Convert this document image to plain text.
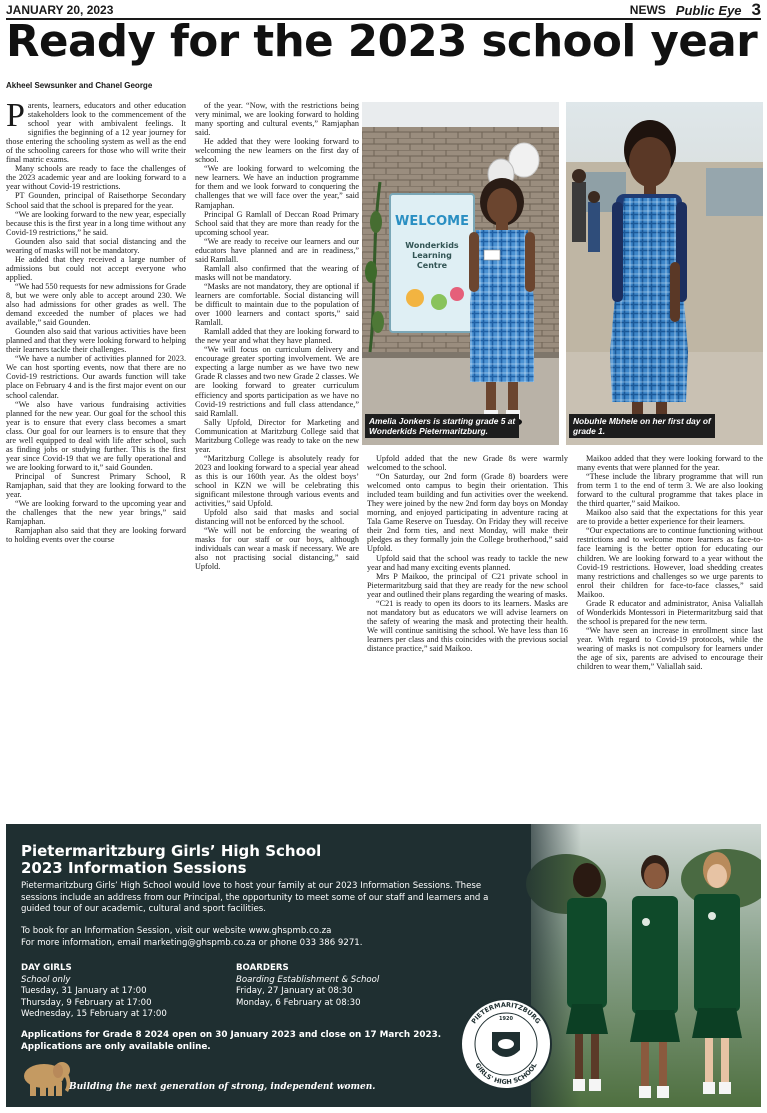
JANUARY 20, 2023	NEWS Public Eye 3
Ready for the 2023 school year
Akheel Sewsunker and Chanel George

Parents, learners, educators and other education stakeholders look to the commencement of the school year with ambivalent feelings. It signifies the beginning of a 12 year journey for those entering the schooling system as well as the end of the schooling careers for those who will write their final matric exams.

Many schools are ready to face the challenges of the 2023 academic year and are looking forward to a year without Covid-19 restrictions.

PT Gounden, principal of Raisethorpe Secondary School said that the school is prepared for the year.

“We are looking forward to the new year, especially because this is the first year in a long time without any Covid-19 restrictions,” he said.

Gounden also said that social distancing and the wearing of masks will not be mandatory.

He added that they received a large number of admissions but could not accept everyone who applied.

“We had 550 requests for new admissions for Grade 8, but we were only able to accept around 230. We also had admissions for other grades as well. The demand exceeded the number of places we had available,” said Gounden.

Gounden also said that various activities have been planned and that they were looking forward to helping their learners tackle their challenges.

“We have a number of activities planned for 2023. We can host sporting events, now that there are no Covid-19 restrictions. Our awards function will take place on February 4 and is the first major event on our school calendar.

“We also have various fundraising activities planned for the new year. Our goal for the school this year is to ensure that every class becomes a smart class. Our goal for our learners is to ensure that they are well equipped to deal with life after school, such as finding jobs or studying further. This is the first year since Covid-19 that we are fully operational and we are looking forward to it,” said Gounden.

Principal of Suncrest Primary School, R Ramjaphan, said that they are looking forward to the year.

“We are looking forward to the upcoming year and the challenges that the new year brings,” said Ramjaphan.

Ramjaphan also said that they are looking forward to holding events over the course

of the year. “Now, with the restrictions being very minimal, we are looking forward to holding many sporting and cultural events,” Ramjaphan said.

He added that they were looking forward to welcoming the new learners on the first day of school.

“We are looking forward to welcoming the new learners. We have an induction programme for them and we look forward to conquering the challenges that we will face over the year,” said Ramjaphan.

Principal G Ramlall of Deccan Road Primary School said that they are more than ready for the upcoming school year.

“We are ready to receive our learners and our educators have planned and are in readiness,” said Ramlall.

Ramlall also confirmed that the wearing of masks will not be mandatory.

“Masks are not mandatory, they are optional if learners are comfortable. Social distancing will be difficult to maintain due to the population of over 1000 learners and contact sports,” said Ramlall.

Ramlall added that they are looking forward to the new year and what they have planned.

“We will focus on curriculum delivery and encourage greater sporting involvement. We are expecting a large number as we have two new Grade R classes and two new Grade 2 classes. We are looking forward to greater curriculum efficiency and sports participation as we have no Covid-19 restrictions and full class attendance,” said Ramlall.

Sally Upfold, Director for Marketing and Communication at Maritzburg College said that Maritzburg College was ready to take on the new year.

“Maritzburg College is absolutely ready for 2023 and looking forward to a special year ahead as this is our 160th year. As the oldest boys’ school in KZN we will be celebrating this significant milestone through various events and activities,” said Upfold.

Upfold also said that masks and social distancing will not be enforced by the school.

“We will not be enforcing the wearing of masks for our staff or our boys, although individuals can wear a mask if necessary. We are also not practising social distancing,” said Upfold.

Upfold added that the new Grade 8s were warmly welcomed to the school.

“On Saturday, our 2nd form (Grade 8) boarders were welcomed onto campus to begin their orientation. This included team building and fun activities over the weekend. They were joined by the new 2nd form day boys on Monday morning, and enjoyed participating in adventure racing at Tala Game Reserve on Tuesday. On Friday they will receive their 2nd form ties, and next Monday, will make their pledges as they formally join the College brotherhood,” said Upfold.

Upfold said that the school was ready to tackle the new year and had many exciting events planned.

Mrs P Maikoo, the principal of C21 private school in Pietermaritzburg said that they are ready for the new school year and outlined their plans regarding the wearing of masks.

“C21 is ready to open its doors to its learners. Masks are not mandatory but as educators we will advise learners on the safety of wearing the mask and protecting their health. We will continue sanitising the school. We have less than 16 learners per class and this coincides with the previous social distance practice,” said Maikoo.

Maikoo added that they were looking forward to the many events that were planned for the year.

“These include the library programme that will run from term 1 to the end of term 3. We are also looking forward to the cultural programme that takes place in the third quarter,” said Maikoo.

Maikoo also said that the expectations for this year are to provide a better experience for their learners.

“Our expectations are to continue functioning without restrictions and to welcome more learners as face-to-face learning is the better option for educating our children. We are looking forward to a year without the Covid-19 restrictions. However, load shedding creates many restrictions and challenges so we urge parents to enrol their children for face-to-face classes,” said Maikoo.

Grade R educator and administrator, Anisa Valiallah of Wonderkids Montessori in Pietermaritzburg said that the school is prepared for the new term.

“We have seen an increase in enrollment since last year. With regard to Covid-19 protocols, while the wearing of masks is not compulsory for learners under the age of six, parents are advised to encourage their children to wear them,” Valiallah said.

WELCOME
Wonderkids
Learning
Centre
Amelia Jonkers is starting grade 5 at
Wonderkids Pietermaritzburg.
Nobuhle Mbhele on her first day of
grade 1.
1920
PIETERMARITZBURG
GIRLS' HIGH SCHOOL
Pietermaritzburg Girls’ High School
2023 Information Sessions
Pietermaritzburg Girls’ High School would love to host your family at our 2023 Information Sessions. These sessions include an address from our Principal, the opportunity to meet some of our staff and learners and a guided tour of our academic, cultural and sport facilities.
To book for an Information Session, visit our website www.ghspmb.co.za
For more information, email marketing@ghspmb.co.za or phone 033 386 9271.
DAY GIRLS
School only
Tuesday, 31 January at 17:00
Thursday, 9 February at 17:00
Wednesday, 15 February at 17:00
BOARDERS
Boarding Establishment & School
Friday, 27 January at 08:30
Monday, 6 February at 08:30
Applications for Grade 8 2024 open on 30 January 2023 and close on 17 March 2023.
Applications are only available online.
Building the next generation of strong, independent women.
